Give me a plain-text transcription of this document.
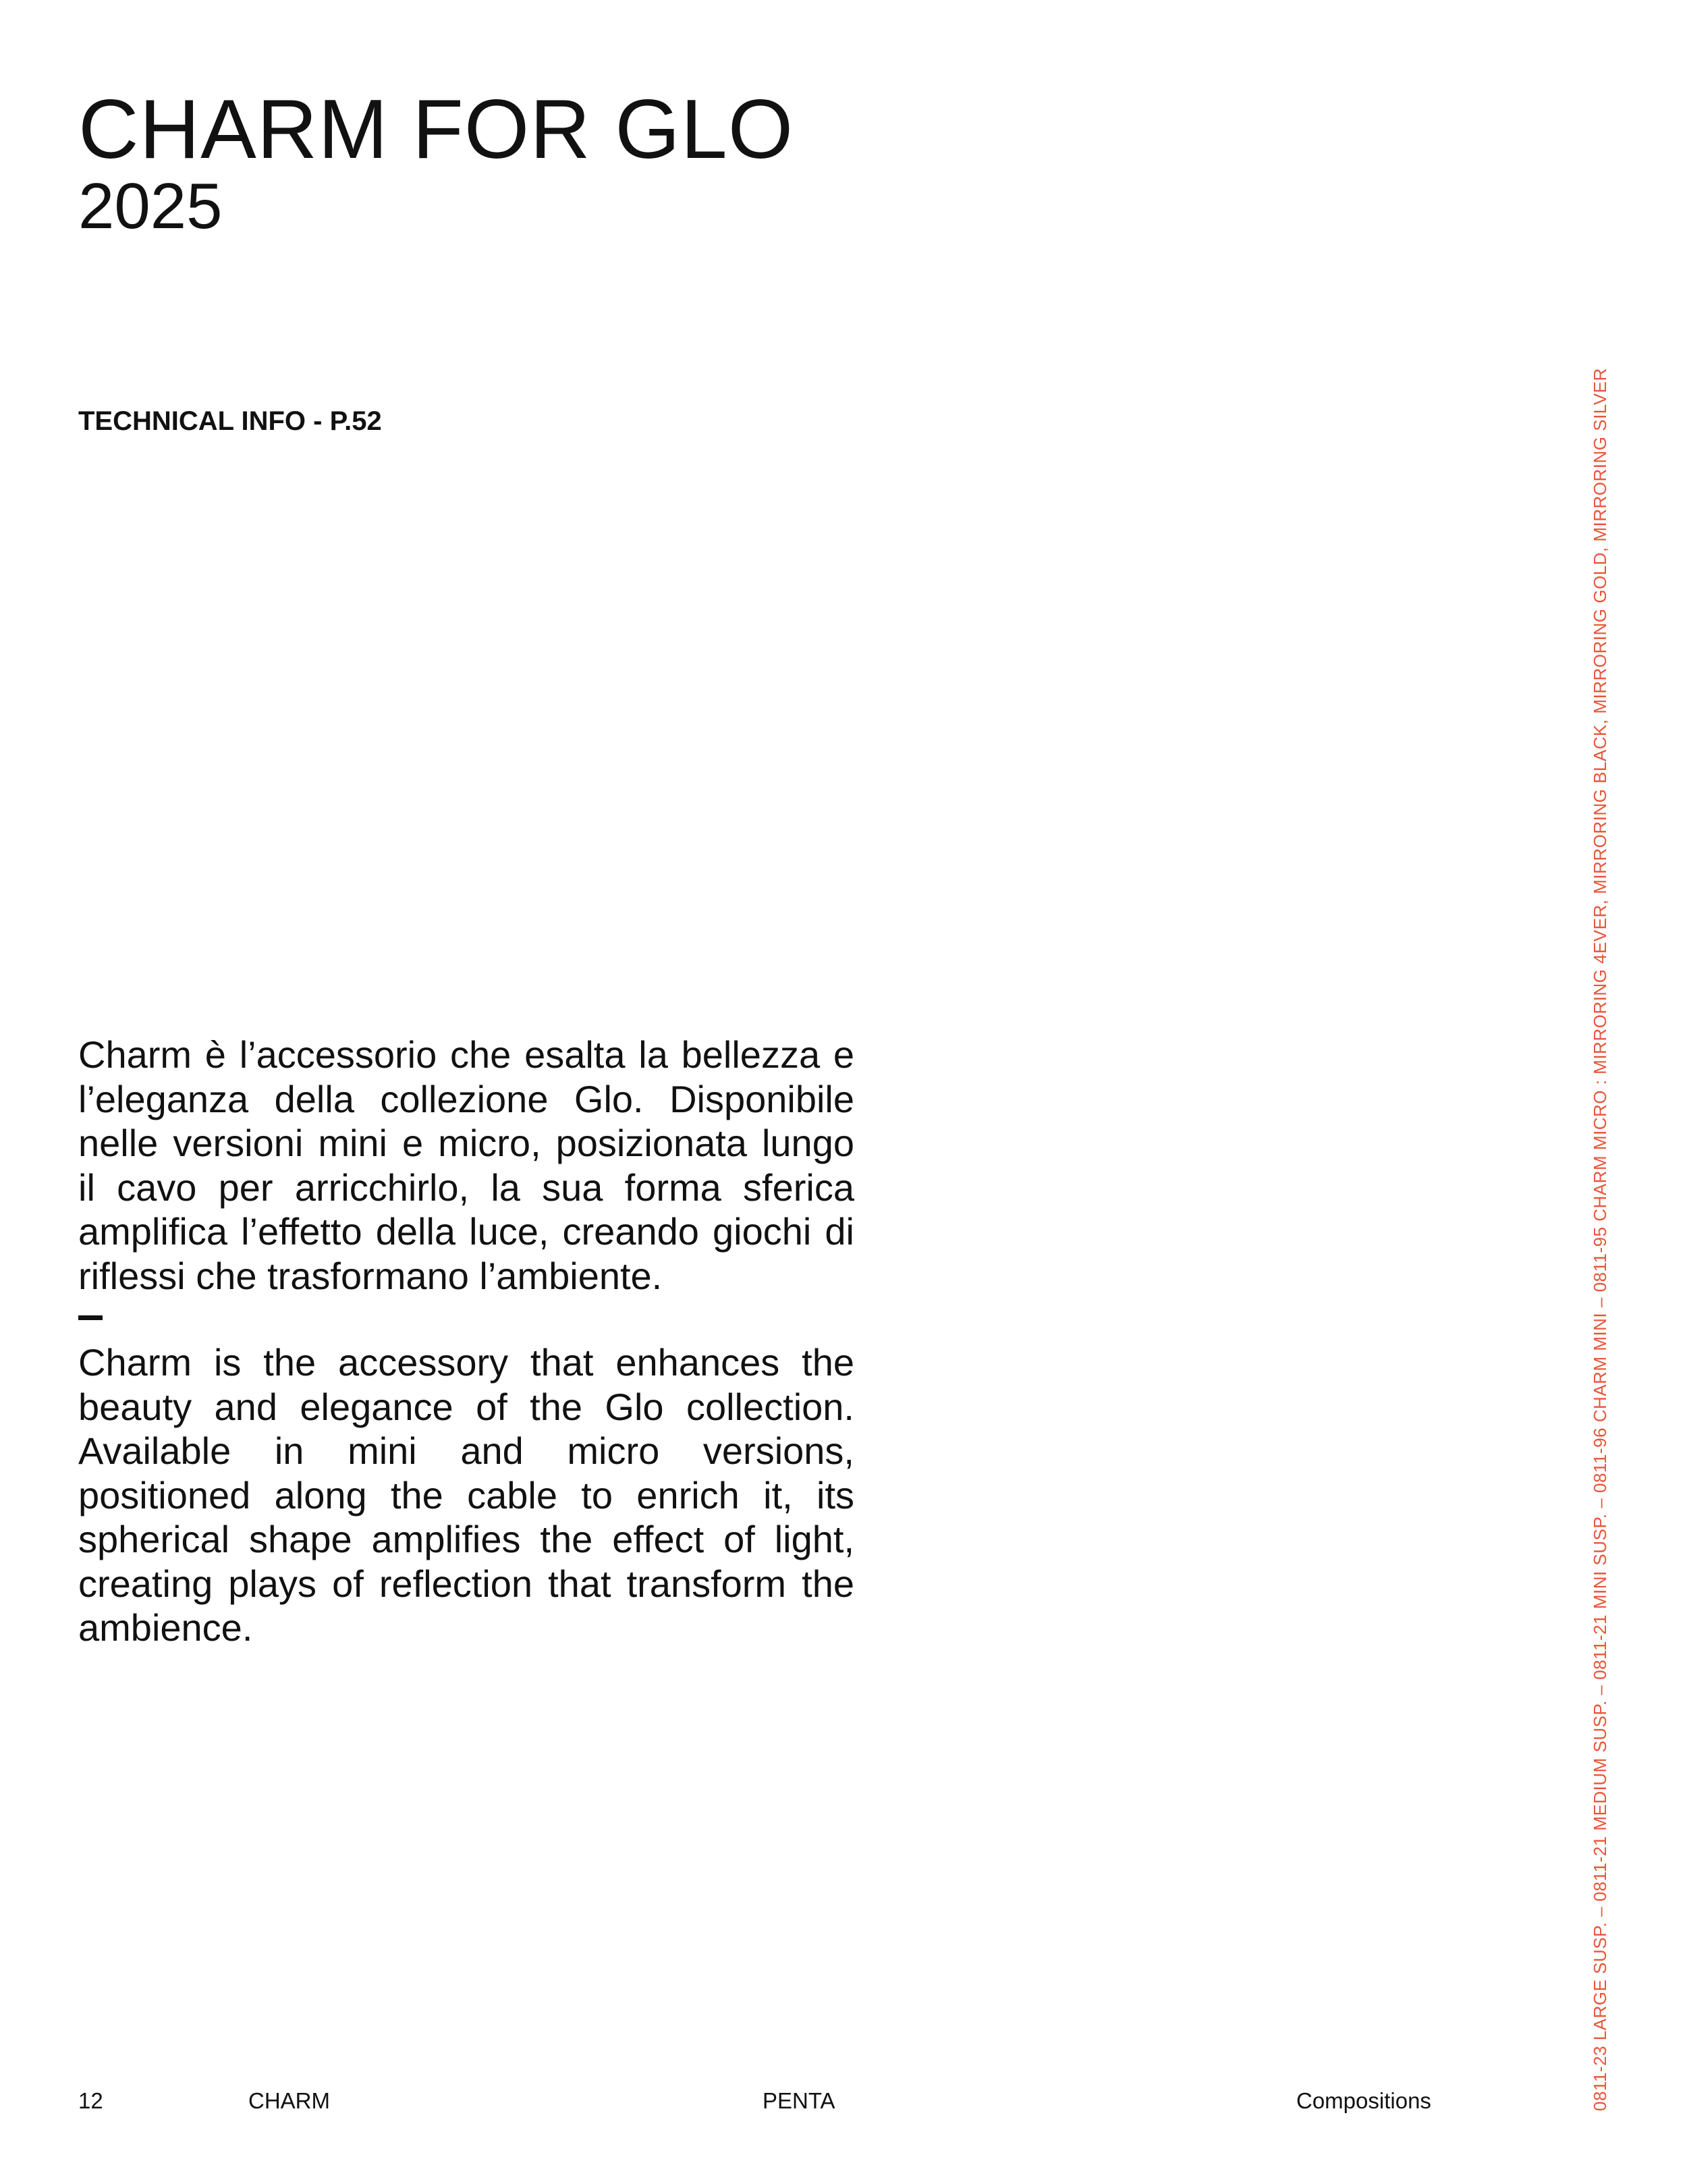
CHARM FOR GLO
2025
TECHNICAL INFO - P.52

Charm è l’accessorio che esalta la bellezza e l’eleganza della collezione Glo. Disponibile nelle versioni mini e micro, posizionata lungo il cavo per arricchirlo, la sua forma sferica amplifica l’effetto della luce, creando giochi di riflessi che trasformano l’ambiente.

Charm is the accessory that enhances the beauty and elegance of the Glo collection. Available in mini and micro versions, positioned along the cable to enrich it, its spherical shape amplifies the effect of light, creating plays of reflection that transform the ambience.	0811-23 LARGE SUSP. – 0811-21 MEDIUM SUSP. – 0811-21 MINI SUSP. – 0811-96 CHARM MINI – 0811-95 CHARM MICRO : MIRRORING 4EVER, MIRRORING BLACK, MIRRORING GOLD, MIRRORING SILVER
12	CHARM	PENTA	Compositions
